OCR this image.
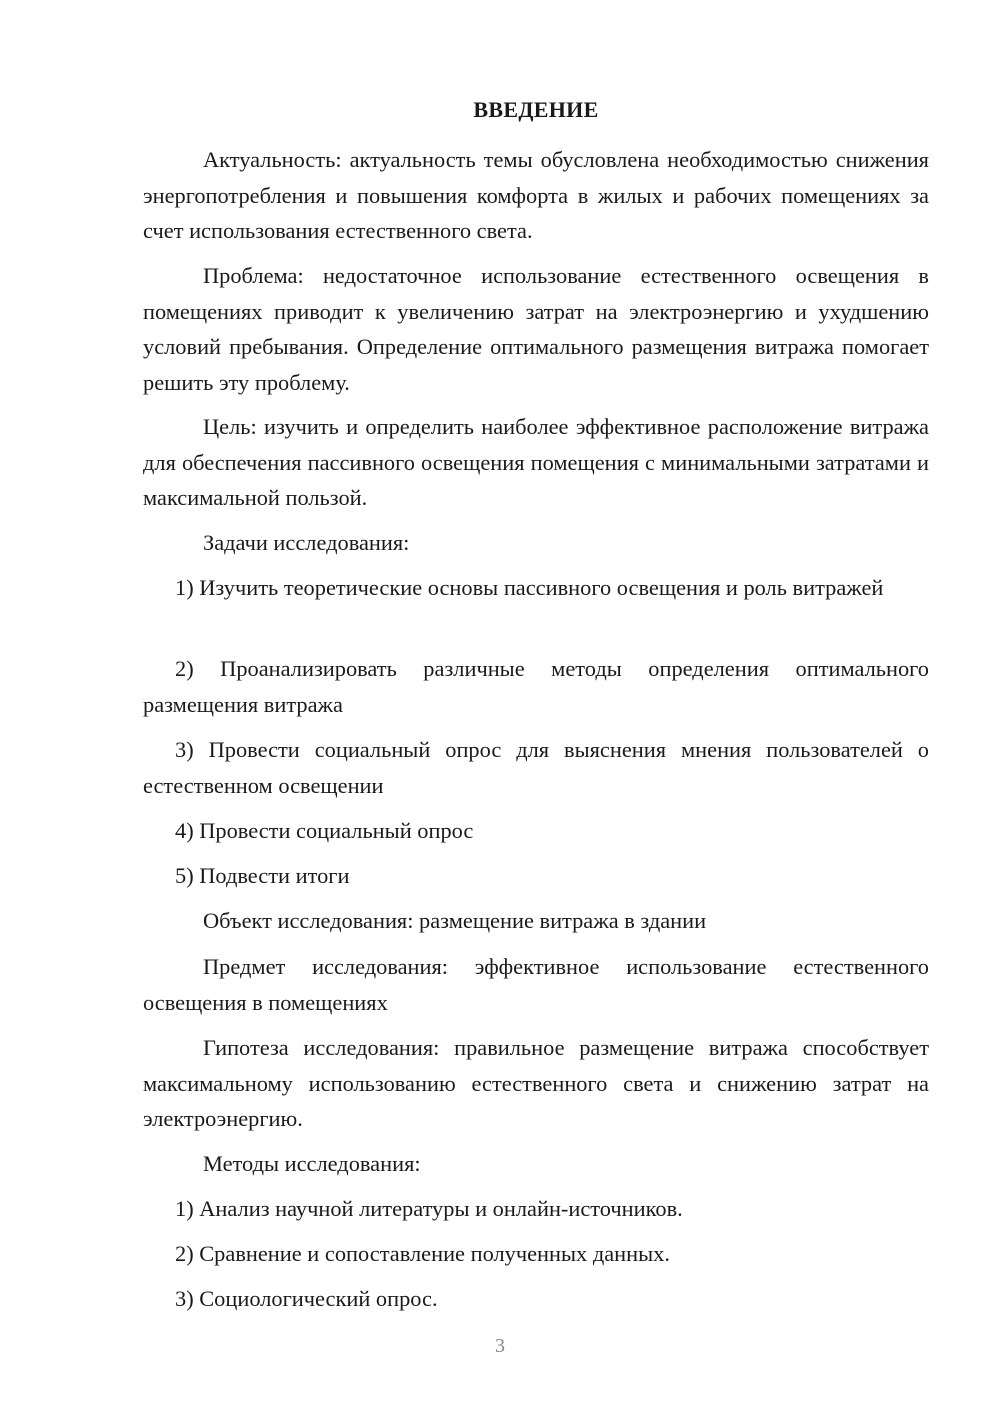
ВВЕДЕНИЕ

Актуальность: актуальность темы обусловлена необходимостью снижения энергопотребления и повышения комфорта в жилых и рабочих помещениях за счет использования естественного света.

Проблема: недостаточное использование естественного освещения в помещениях приводит к увеличению затрат на электроэнергию и ухудшению условий пребывания. Определение оптимального размещения витража помогает решить эту проблему.

Цель: изучить и определить наиболее эффективное расположение витража для обеспечения пассивного освещения помещения с минимальными затратами и максимальной пользой.

Задачи исследования:

1) Изучить теоретические основы пассивного освещения и роль витражей

2) Проанализировать различные методы определения оптимального размещения витража

3) Провести социальный опрос для выяснения мнения пользователей о естественном освещении

4) Провести социальный опрос

5) Подвести итоги

Объект исследования: размещение витража в здании

Предмет исследования: эффективное использование естественного освещения в помещениях

Гипотеза исследования: правильное размещение витража способствует максимальному использованию естественного света и снижению затрат на электроэнергию.

Методы исследования:

1) Анализ научной литературы и онлайн-источников.

2) Сравнение и сопоставление полученных данных.

3) Социологический опрос.

3
